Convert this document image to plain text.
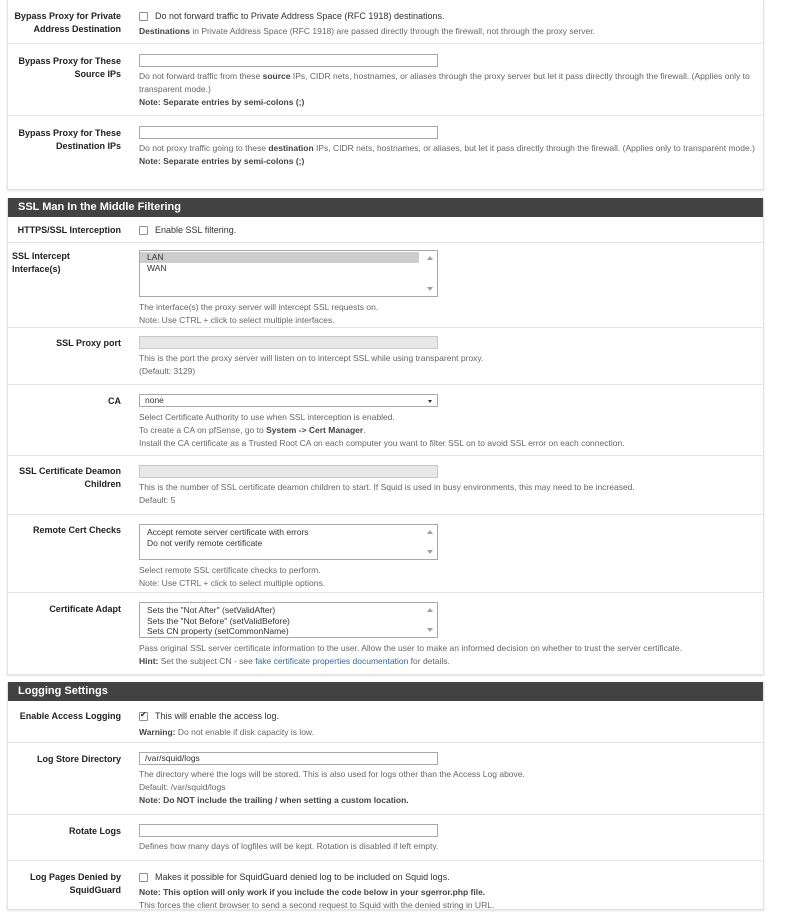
Bypass Proxy for Private Address Destination
Do not forward traffic to Private Address Space (RFC 1918) destinations.
Destinations in Private Address Space (RFC 1918) are passed directly through the firewall, not through the proxy server.
Bypass Proxy for These Source IPs Do not forward traffic from these source IPs, CIDR nets, hostnames, or aliases through the proxy server but let it pass directly through the firewall. (Applies only to transparent mode.)
Note: Separate entries by semi-colons (;)
Bypass Proxy for These Destination IPs Do not proxy traffic going to these destination IPs, CIDR nets, hostnames, or aliases, but let it pass directly through the firewall. (Applies only to transparent mode.)
Note: Separate entries by semi-colons (;)
SSL Man In the Middle Filtering
HTTPS/SSL Interception	Enable SSL filtering.
SSL Intercept Interface(s)
LAN
WAN
The interface(s) the proxy server will intercept SSL requests on.
Note: Use CTRL + click to select multiple interfaces.
SSL Proxy port
This is the port the proxy server will listen on to intercept SSL while using transparent proxy.
(Default: 3129)
CA	none
Select Certificate Authority to use when SSL interception is enabled.
To create a CA on pfSense, go to System -> Cert Manager.
Install the CA certificate as a Trusted Root CA on each computer you want to filter SSL on to avoid SSL error on each connection.
SSL Certificate Deamon Children This is the number of SSL certificate deamon children to start. If Squid is used in busy environments, this may need to be increased.
Default: 5
Remote Cert Checks	Accept remote server certificate with errors
Do not verify remote certificate
Select remote SSL certificate checks to perform.
Note: Use CTRL + click to select multiple options.
Certificate Adapt	Sets the "Not After" (setValidAfter)
Sets the "Not Before" (setValidBefore)
Sets CN property (setCommonName)
Pass original SSL server certificate information to the user. Allow the user to make an informed decision on whether to trust the server certificate.
Hint: Set the subject CN - see fake certificate properties documentation for details.
Logging Settings
Enable Access Logging
✔	This will enable the access log.
Warning: Do not enable if disk capacity is low.
Log Store Directory	/var/squid/logs
The directory where the logs will be stored. This is also used for logs other than the Access Log above.
Default: /var/squid/logs
Note: Do NOT include the trailing / when setting a custom location.
Rotate Logs
Defines how many days of logfiles will be kept. Rotation is disabled if left empty.
Log Pages Denied by SquidGuard
Makes it possible for SquidGuard denied log to be included on Squid logs.
Note: This option will only work if you include the code below in your sgerror.php file.
This forces the client browser to send a second request to Squid with the denied string in URL.
